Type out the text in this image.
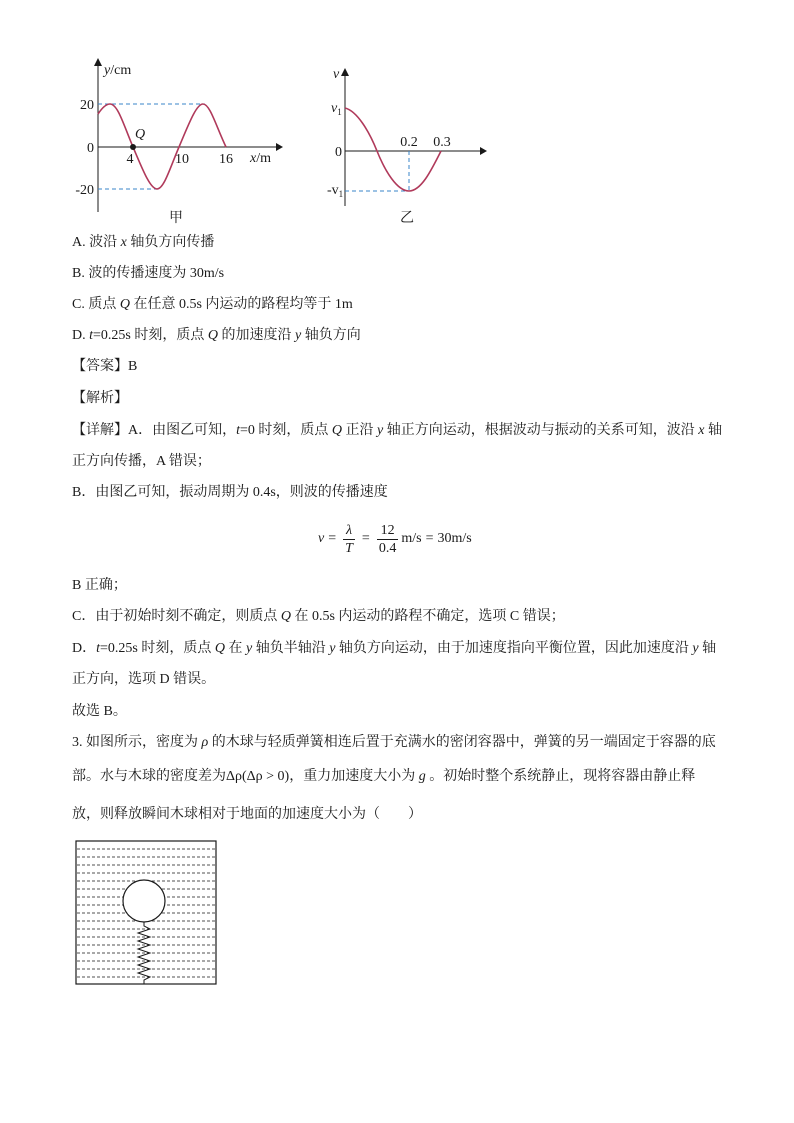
y/cm
20
0
-20
4	10 16 x/m
Q
甲
v
$v_1$
0
$-v_1$
0.2 0.3
乙
A. 波沿 x 轴负方向传播
B. 波的传播速度为 30m/s
C. 质点 Q 在任意 0.5s 内运动的路程均等于 1m
D. t=0.25s 时刻，质点 Q 的加速度沿 y 轴负方向
【答案】B
【解析】
【详解】A．由图乙可知，t=0 时刻，质点 Q 正沿 y 轴正方向运动，根据波动与振动的关系可知，波沿 x 轴
正方向传播，A 错误；
B．由图乙可知，振动周期为 0.4s，则波的传播速度
$v = \frac{\lambda}{T} = \frac{12}{0.4} m/s = 30m/s$
B 正确；
C．由于初始时刻不确定，则质点 Q 在 0.5s 内运动的路程不确定，选项 C 错误；
D．t=0.25s 时刻，质点 Q 在 y 轴负半轴沿 y 轴负方向运动，由于加速度指向平衡位置，因此加速度沿 y 轴
正方向，选项 D 错误。
故选 B。
3. 如图所示，密度为 ρ 的木球与轻质弹簧相连后置于充满水的密闭容器中，弹簧的另一端固定于容器的底
部。水与木球的密度差为Δρ(Δρ > 0)，重力加速度大小为 g 。初始时整个系统静止，现将容器由静止释
放，则释放瞬间木球相对于地面的加速度大小为（　　）
